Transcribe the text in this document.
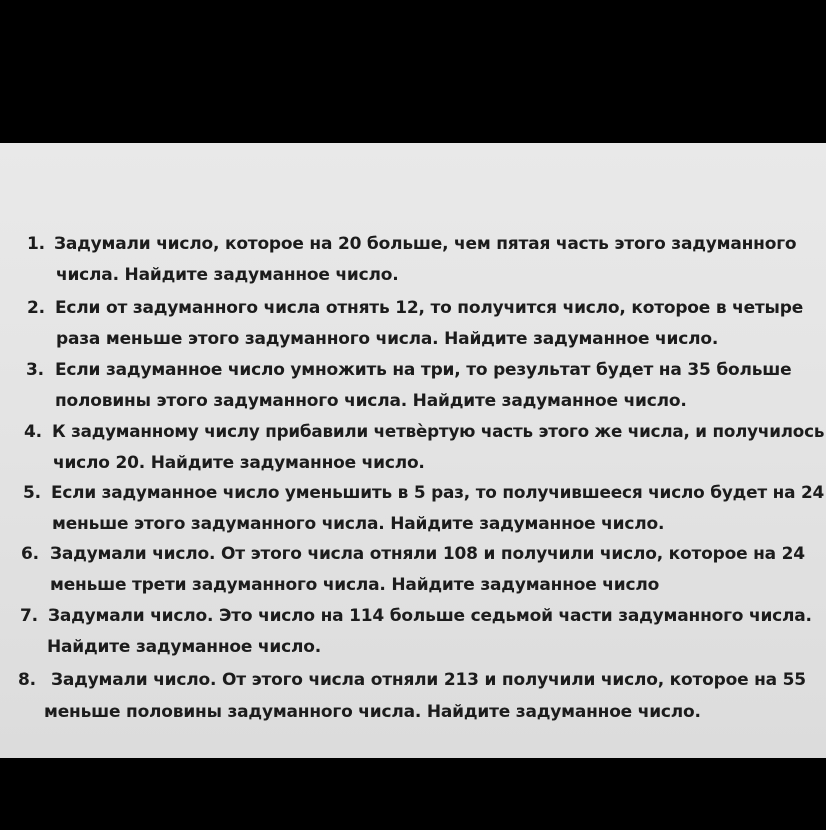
1. Задумали число, которое на 20 больше, чем пятая часть этого задуманного
числа. Найдите задуманное число.
2. Если от задуманного числа отнять 12, то получится число, которое в четыре
раза меньше этого задуманного числа. Найдите задуманное число.
3. Если задуманное число умножить на три, то результат будет на 35 больше
половины этого задуманного числа. Найдите задуманное число.
4. К задуманному числу прибавили четвѐртую часть этого же числа, и получилось
число 20. Найдите задуманное число.
5. Если задуманное число уменьшить в 5 раз, то получившееся число будет на 24
меньше этого задуманного числа. Найдите задуманное число.
6. Задумали число. От этого числа отняли 108 и получили число, которое на 24
меньше трети задуманного числа. Найдите задуманное число
7. Задумали число. Это число на 114 больше седьмой части задуманного числа.
Найдите задуманное число.
8. Задумали число. От этого числа отняли 213 и получили число, которое на 55
меньше половины задуманного числа. Найдите задуманное число.
